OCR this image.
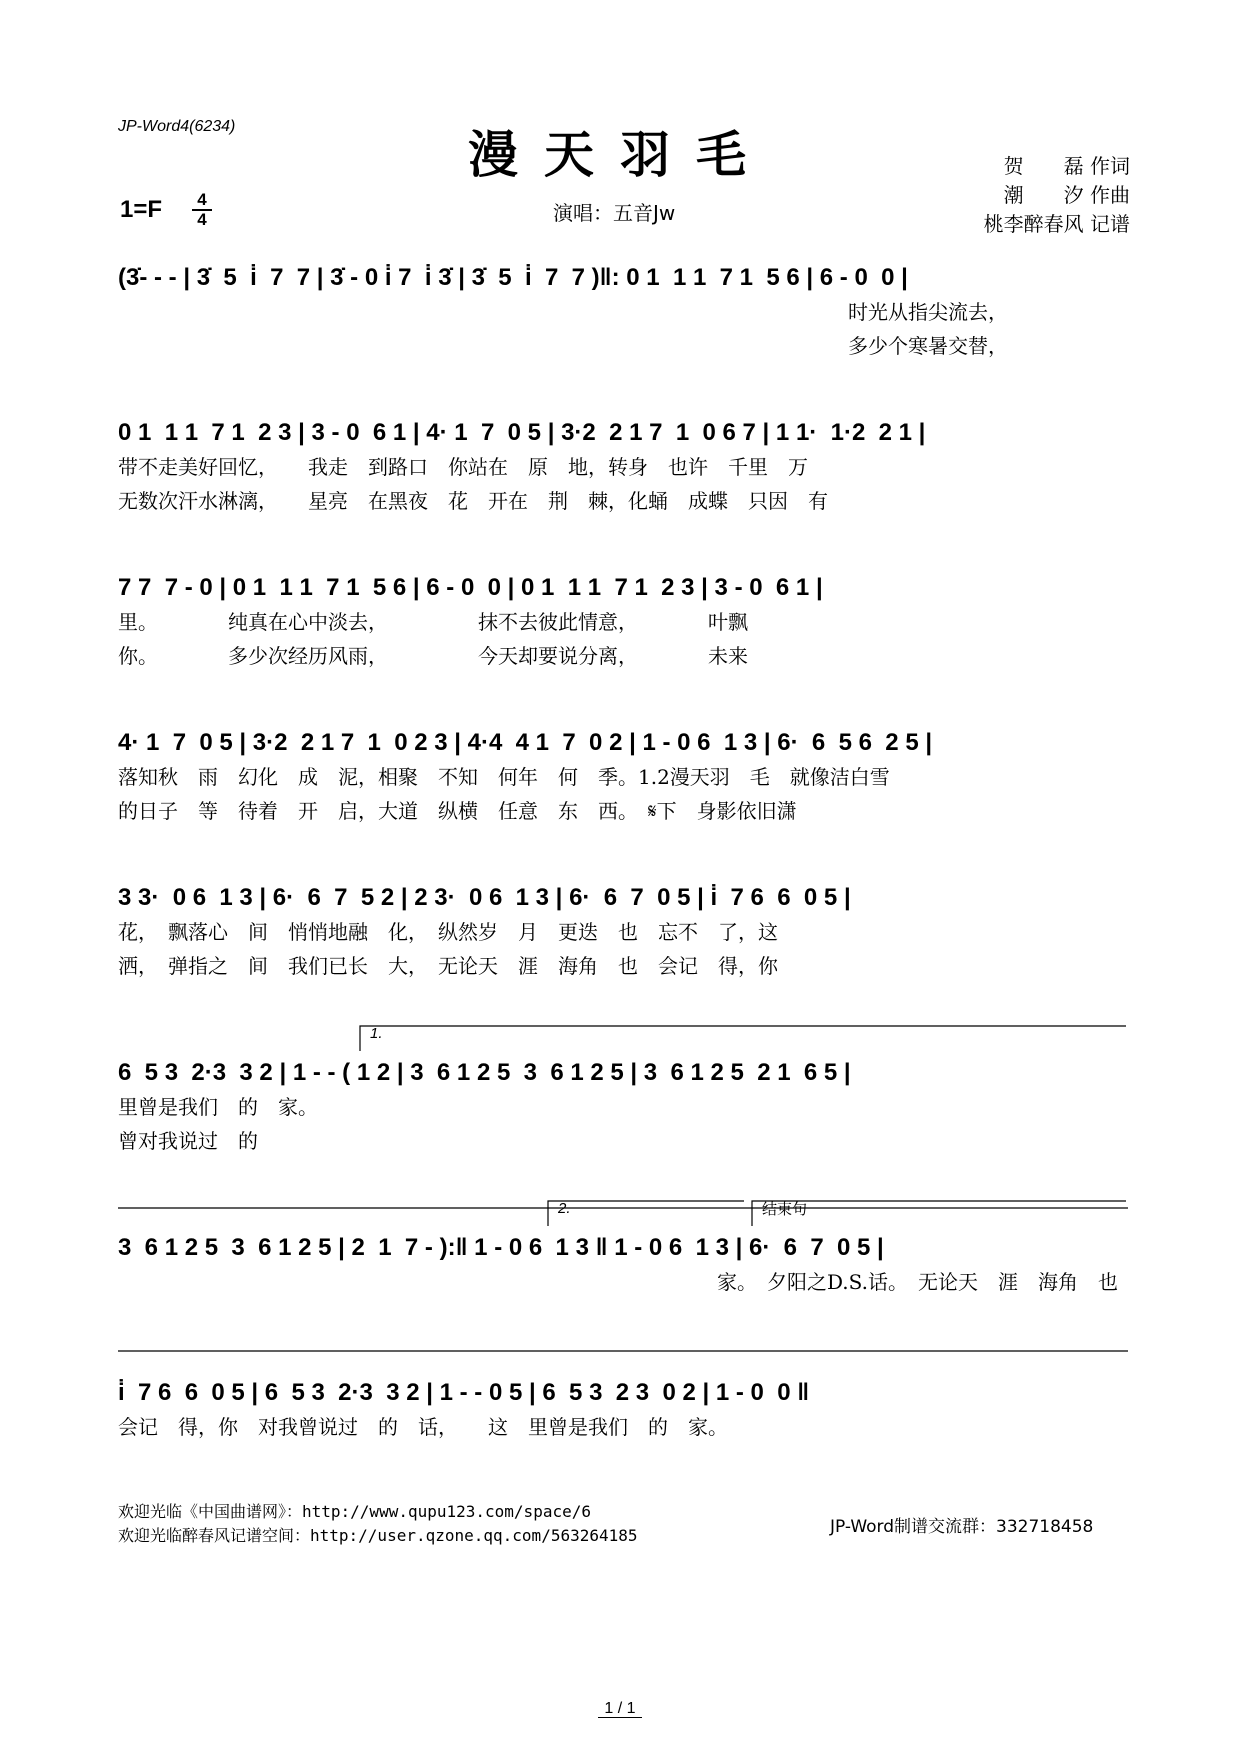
JP-Word4(6234)	漫天羽毛	贺　　磊 作词
潮　　汐 作曲
桃李醉春风 记谱
1=F	4
4	演唱：五音Jw
(3̇- - - | 3̇  5  i̇  7  7 | 3̇ - 0 i̇ 7  i̇ 3̇ | 3̇  5  i̇  7  7 )‖: 0 1  1 1  7 1  5 6 | 6 - 0  0 |
时光从指尖流去，
多少个寒暑交替，
0 1  1 1  7 1  2 3 | 3 - 0  6 1 | 4· 1  7  0 5 | 3·2  2 1 7  1  0 6 7 | 1 1·  1·2  2 1 |
带不走美好回忆，　　我走　到路口　你站在　原　地，转身　也许　千里　万
无数次汗水淋漓，　　星亮　在黑夜　花　开在　荆　棘，化蛹　成蝶　只因　有
7 7  7 - 0 | 0 1  1 1  7 1  5 6 | 6 - 0  0 | 0 1  1 1  7 1  2 3 | 3 - 0  6 1 |
里。　　　　纯真在心中淡去，　　　　　抹不去彼此情意，　　　　叶飘
你。　　　　多少次经历风雨，　　　　　今天却要说分离，　　　　未来
4· 1  7  0 5 | 3·2  2 1 7  1  0 2 3 | 4·4  4 1  7  0 2 | 1 - 0 6  1 3 | 6·  6  5 6  2 5 |
落知秋　雨　幻化　成　泥，相聚　不知　何年　何　季。1.2漫天羽　毛　就像洁白雪
的日子　等　待着　开　启，大道　纵横　任意　东　西。　𝄋下　身影依旧潇
3 3·  0 6  1 3 | 6·  6  7  5 2 | 2 3·  0 6  1 3 | 6·  6  7  0 5 | i̇  7 6  6  0 5 |
花，　飘落心　间　悄悄地融　化，　纵然岁　月　更迭　也　忘不　了，这
洒，　弹指之　间　我们已长　大，　无论天　涯　海角　也　会记　得，你
1.
6  5 3  2·3  3 2 | 1 - - ( 1 2 | 3  6 1 2 5  3  6 1 2 5 | 3  6 1 2 5  2 1  6 5 |
里曾是我们　的　家。
曾对我说过　的
2.	结束句
3  6 1 2 5  3  6 1 2 5 | 2  1  7 - ):‖ 1 - 0 6  1 3 ‖ 1 - 0 6  1 3 | 6·  6  7  0 5 |
家。　夕阳之D.S.话。　无论天　涯　海角　也
i̇  7 6  6  0 5 | 6  5 3  2·3  3 2 | 1 - - 0 5 | 6  5 3  2 3  0 2 | 1 - 0  0 ‖
会记　得，你　对我曾说过　的　话，　　这　里曾是我们　的　家。
欢迎光临《中国曲谱网》：http://www.qupu123.com/space/6
欢迎光临醉春风记谱空间：http://user.qzone.qq.com/563264185	JP-Word制谱交流群：332718458
1 / 1
